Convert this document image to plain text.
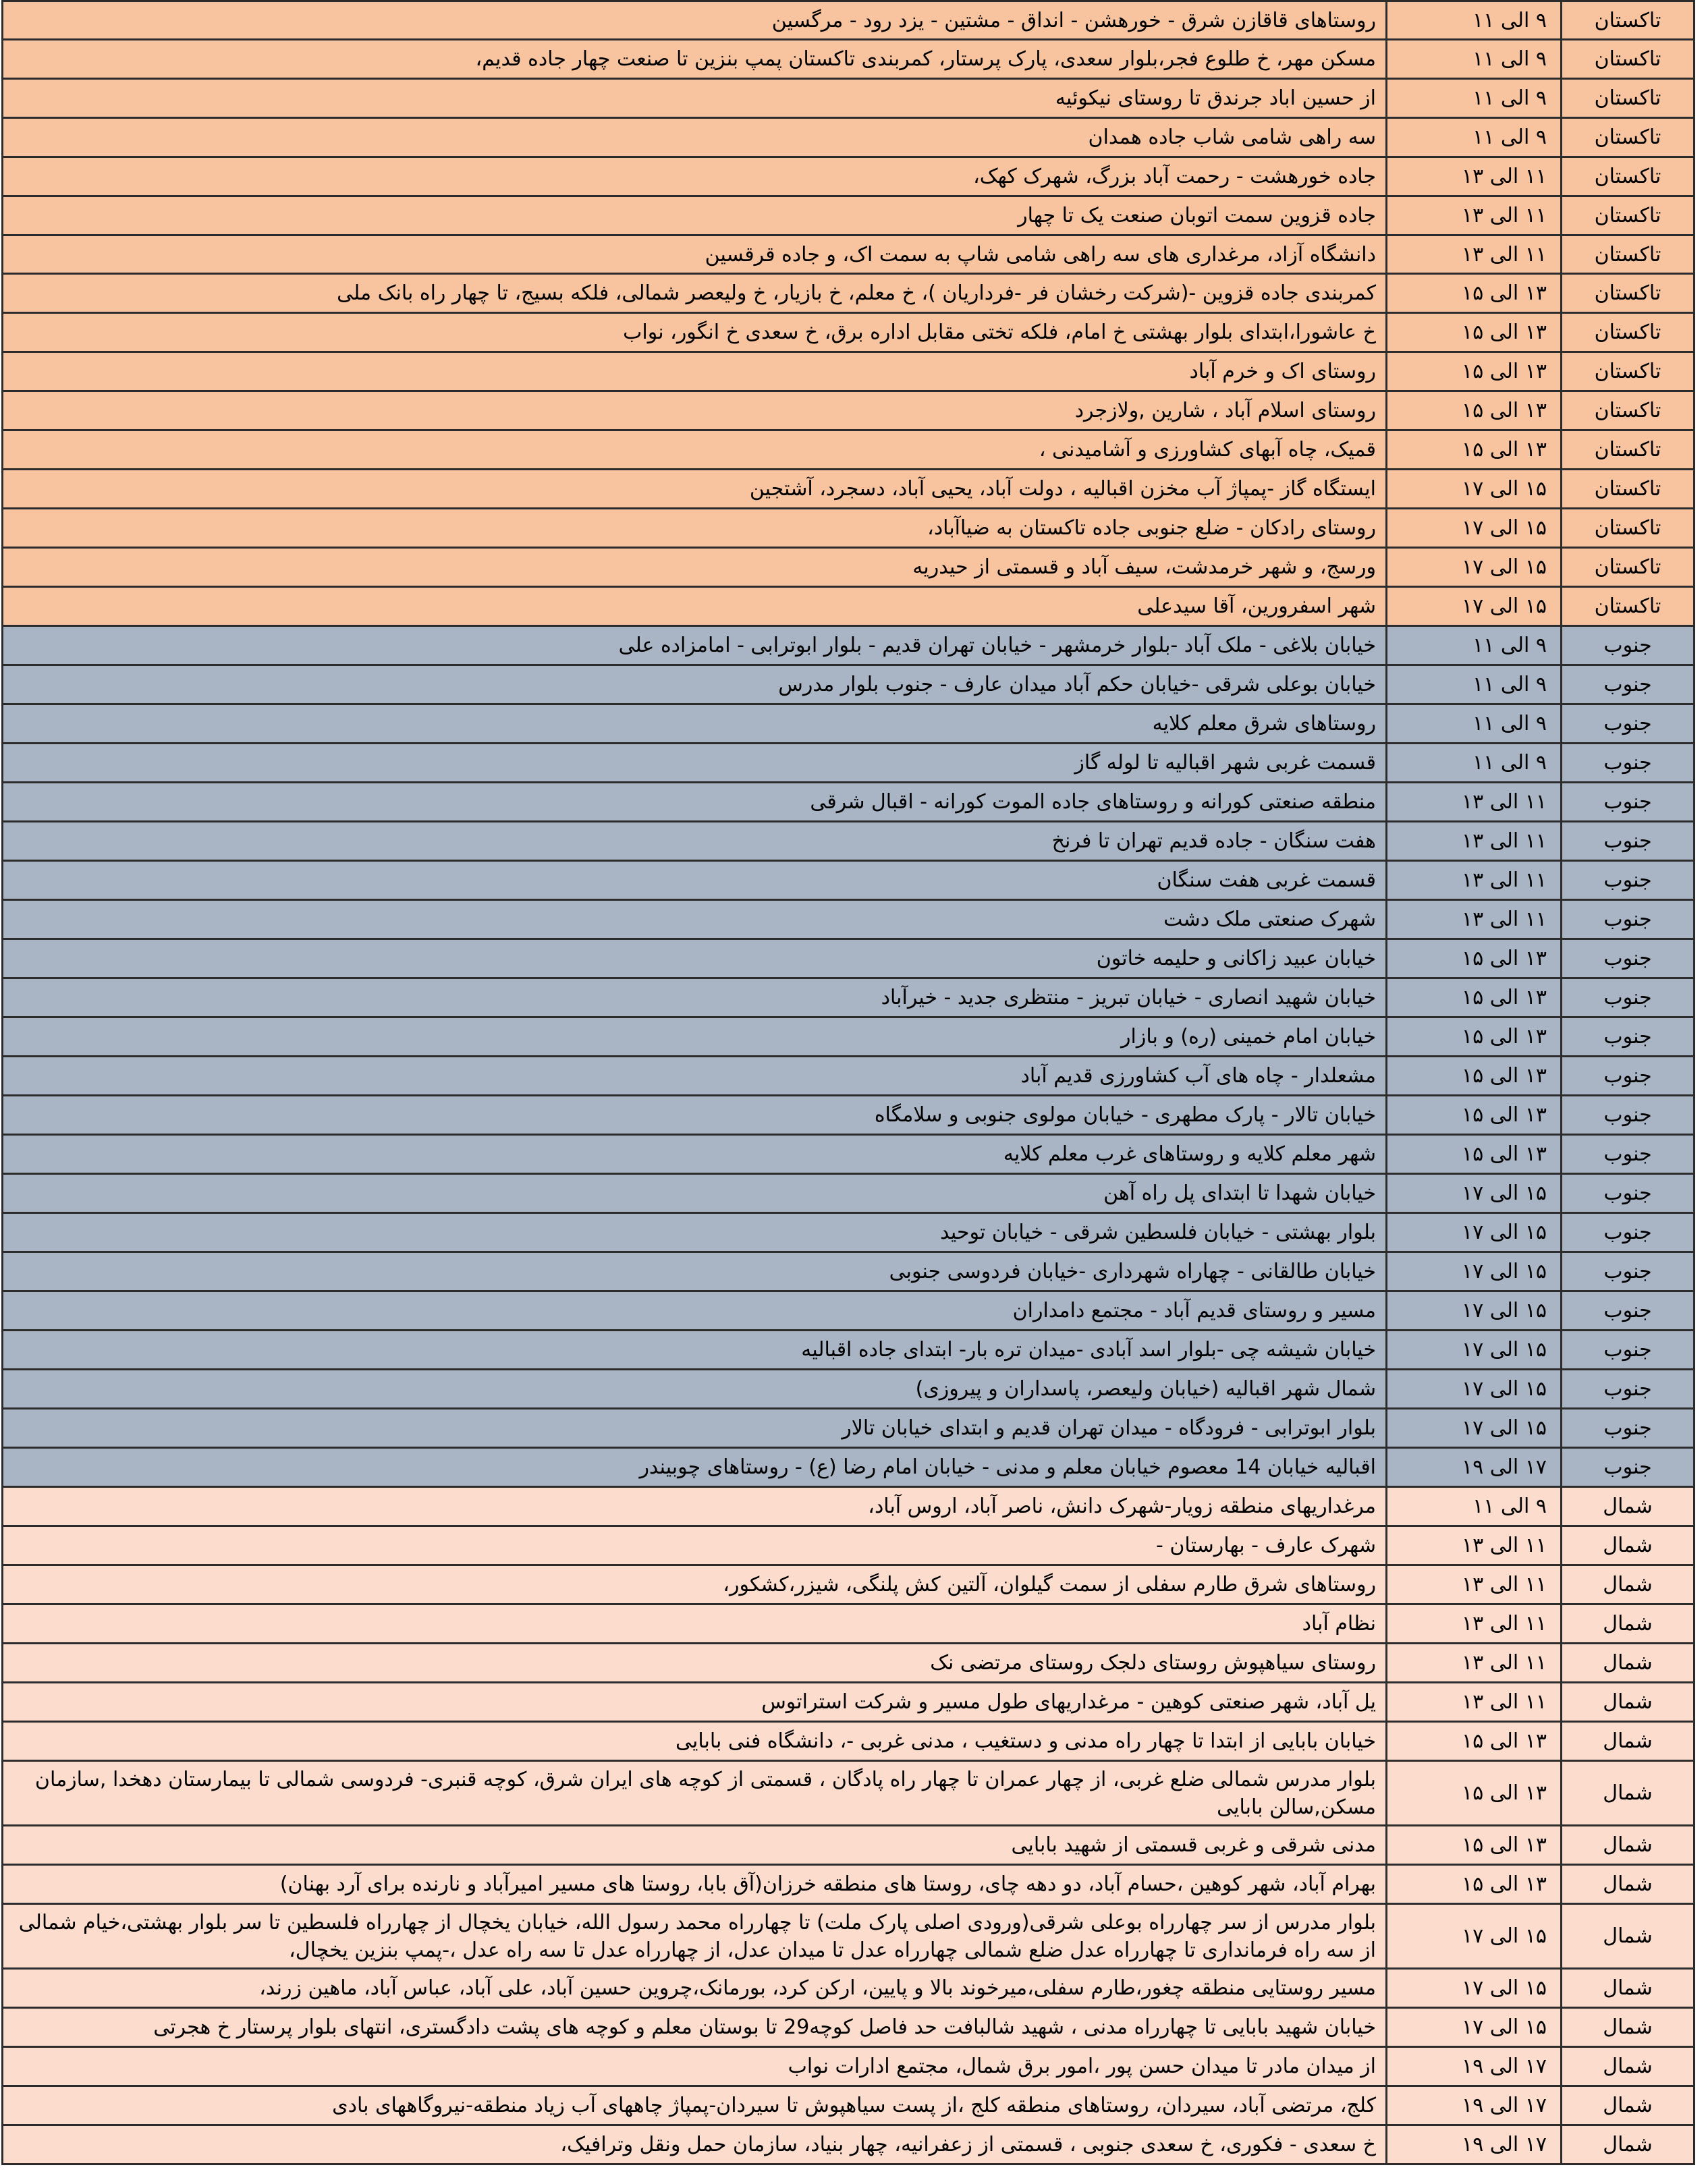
تاکستان	۹ الی ۱۱	روستاهای قاقازن شرق - خورهشن - انداق - مشتین - یزد رود - مرگسین
تاکستان	۹ الی ۱۱	مسکن مهر، خ طلوع فجر،بلوار سعدی، پارک پرستار، کمربندی تاکستان پمپ بنزین تا صنعت چهار جاده قدیم،
تاکستان	۹ الی ۱۱	از حسین اباد جرندق تا روستای نیکوئیه
تاکستان	۹ الی ۱۱	سه راهی شامی شاب جاده همدان
تاکستان	۱۱ الی ۱۳	جاده خورهشت - رحمت آباد بزرگ، شهرک کهک،
تاکستان	۱۱ الی ۱۳	جاده قزوین سمت اتوبان صنعت یک تا چهار
تاکستان	۱۱ الی ۱۳	دانشگاه آزاد، مرغداری های سه راهی شامی شاپ به سمت اک، و جاده قرقسین
تاکستان	۱۳ الی ۱۵	کمربندی جاده قزوین -(شرکت رخشان فر -فرداریان )، خ معلم، خ بازیار، خ ولیعصر شمالی، فلکه بسیج، تا چهار راه بانک ملی
تاکستان	۱۳ الی ۱۵	خ عاشورا،ابتدای بلوار بهشتی خ امام، فلکه تختی مقابل اداره برق، خ سعدی خ انگور، نواب
تاکستان	۱۳ الی ۱۵	روستای اک و خرم آباد
تاکستان	۱۳ الی ۱۵	روستای اسلام آباد ، شارین ,ولازجرد
تاکستان	۱۳ الی ۱۵	قمیک، چاه آبهای کشاورزی و آشامیدنی ،
تاکستان	۱۵ الی ۱۷	ایستگاه گاز -پمپاژ آب مخزن اقبالیه ، دولت آباد، یحیی آباد، دسجرد، آشتجین
تاکستان	۱۵ الی ۱۷	روستای رادکان - ضلع جنوبی جاده تاکستان به ضیاآباد،
تاکستان	۱۵ الی ۱۷	ورسج، و شهر خرمدشت، سیف آباد و قسمتی از حیدریه
تاکستان	۱۵ الی ۱۷	شهر اسفرورین، آقا سیدعلی
جنوب	۹ الی ۱۱	خیابان بلاغی - ملک آباد -بلوار خرمشهر - خیابان تهران قدیم - بلوار ابوترابی - امامزاده علی
جنوب	۹ الی ۱۱	خیابان بوعلی شرقی -خیابان حکم آباد میدان عارف - جنوب بلوار مدرس
جنوب	۹ الی ۱۱	روستاهای شرق معلم کلایه
جنوب	۹ الی ۱۱	قسمت غربی شهر اقبالیه تا لوله گاز
جنوب	۱۱ الی ۱۳	منطقه صنعتی کورانه و روستاهای جاده الموت کورانه - اقبال شرقی
جنوب	۱۱ الی ۱۳	هفت سنگان - جاده قدیم تهران تا فرنخ
جنوب	۱۱ الی ۱۳	قسمت غربی هفت سنگان
جنوب	۱۱ الی ۱۳	شهرک صنعتی ملک دشت
جنوب	۱۳ الی ۱۵	خیابان عبید زاکانی و حلیمه خاتون
جنوب	۱۳ الی ۱۵	خیابان شهید انصاری - خیابان تبریز - منتظری جدید - خیرآباد
جنوب	۱۳ الی ۱۵	خیابان امام خمینی (ره) و بازار
جنوب	۱۳ الی ۱۵	مشعلدار - چاه های آب کشاورزی قدیم آباد
جنوب	۱۳ الی ۱۵	خیابان تالار - پارک مطهری - خیابان مولوی جنوبی و سلامگاه
جنوب	۱۳ الی ۱۵	شهر معلم کلایه و روستاهای غرب معلم کلایه
جنوب	۱۵ الی ۱۷	خیابان شهدا تا ابتدای پل راه آهن
جنوب	۱۵ الی ۱۷	بلوار بهشتی - خیابان فلسطین شرقی - خیابان توحید
جنوب	۱۵ الی ۱۷	خیابان طالقانی - چهاراه شهرداری -خیابان فردوسی جنوبی
جنوب	۱۵ الی ۱۷	مسیر و روستای قدیم آباد - مجتمع دامداران
جنوب	۱۵ الی ۱۷	خیابان شیشه چی -بلوار اسد آبادی -میدان تره بار- ابتدای جاده اقبالیه
جنوب	۱۵ الی ۱۷	شمال شهر اقبالیه (خیابان ولیعصر، پاسداران و پیروزی)
جنوب	۱۵ الی ۱۷	بلوار ابوترابی - فرودگاه - میدان تهران قدیم و ابتدای خیابان تالار
جنوب	۱۷ الی ۱۹	اقبالیه خیابان 14 معصوم خیابان معلم و مدنی - خیابان امام رضا (ع) - روستاهای چوبیندر
شمال	۹ الی ۱۱	مرغداریهای منطقه زویار-شهرک دانش، ناصر آباد، اروس آباد،
شمال	۱۱ الی ۱۳	شهرک عارف - بهارستان -
شمال	۱۱ الی ۱۳	روستاهای شرق طارم سفلی از سمت گیلوان، آلتین کش پلنگی، شیزر،کشکور،
شمال	۱۱ الی ۱۳	نظام آباد
شمال	۱۱ الی ۱۳	روستای سیاهپوش روستای دلجک روستای مرتضی نک
شمال	۱۱ الی ۱۳	یل آباد، شهر صنعتی کوهین - مرغداریهای طول مسیر و شرکت استراتوس
شمال	۱۳ الی ۱۵	خیابان بابایی از ابتدا تا چهار راه مدنی و دستغیب ، مدنی غربی -، دانشگاه فنی بابایی
شمال	۱۳ الی ۱۵	بلوار مدرس شمالی ضلع غربی، از چهار عمران تا چهار راه پادگان ، قسمتی از کوچه های ایران شرق، کوچه قنبری- فردوسی شمالی تا بیمارستان دهخدا ,سازمان مسکن,سالن بابایی
شمال	۱۳ الی ۱۵	مدنی شرقی و غربی قسمتی از شهید بابایی
شمال	۱۳ الی ۱۵	بهرام آباد، شهر کوهین ،حسام آباد، دو دهه چای، روستا های منطقه خرزان(آق بابا، روستا های مسیر امیرآباد و نارنده برای آرد بهنان)
شمال	۱۵ الی ۱۷	بلوار مدرس از سر چهارراه بوعلی شرقی(ورودی اصلی پارک ملت) تا چهارراه محمد رسول الله، خیابان یخچال از چهارراه فلسطین تا سر بلوار بهشتی،خیام شمالی از سه راه فرمانداری تا چهارراه عدل ضلع شمالی چهارراه عدل تا میدان عدل، از چهارراه عدل تا سه راه عدل ،-پمپ بنزین یخچال،
شمال	۱۵ الی ۱۷	مسیر روستایی منطقه چغور،طارم سفلی،میرخوند بالا و پایین، ارکن کرد، بورمانک،چروین حسین آباد، علی آباد، عباس آباد، ماهین زرند،
شمال	۱۵ الی ۱۷	خیابان شهید بابایی تا چهارراه مدنی ، شهید شالبافت حد فاصل کوچه29 تا بوستان معلم و کوچه های پشت دادگستری، انتهای بلوار پرستار خ هجرتی
شمال	۱۷ الی ۱۹	از میدان مادر تا میدان حسن پور ،امور برق شمال، مجتمع ادارات نواب
شمال	۱۷ الی ۱۹	کلج، مرتضی آباد، سیردان، روستاهای منطقه کلج ،از پست سیاهپوش تا سیردان-پمپاژ چاههای آب زیاد منطقه-نیروگاههای بادی
شمال	۱۷ الی ۱۹	خ سعدی - فکوری، خ سعدی جنوبی ، قسمتی از زعفرانیه، چهار بنیاد، سازمان حمل ونقل وترافیک،
